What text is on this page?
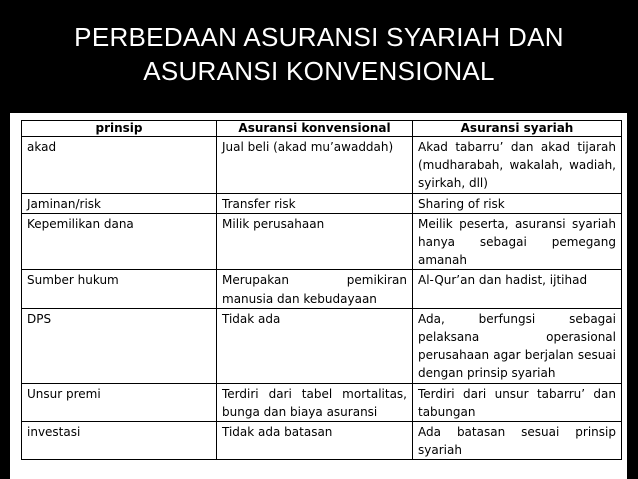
PERBEDAAN ASURANSI SYARIAH DAN
ASURANSI KONVENSIONAL
prinsip	Asuransi konvensional	Asuransi syariah
akad	Jual beli (akad mu’awaddah)	Akad tabarru’ dan akad tijarah (mudharabah, wakalah, wadiah, syirkah, dll)
Jaminan/risk	Transfer risk	Sharing of risk
Kepemilikan dana	Milik perusahaan	Meilik peserta, asuransi syariah hanya sebagai pemegang amanah
Sumber hukum	Merupakan pemikiran manusia dan kebudayaan	Al-Qur’an dan hadist, ijtihad
DPS	Tidak ada	Ada, berfungsi sebagai pelaksana operasional perusahaan agar berjalan sesuai dengan prinsip syariah
Unsur premi	Terdiri dari tabel mortalitas, bunga dan biaya asuransi	Terdiri dari unsur tabarru’ dan tabungan
investasi	Tidak ada batasan	Ada batasan sesuai prinsip syariah
